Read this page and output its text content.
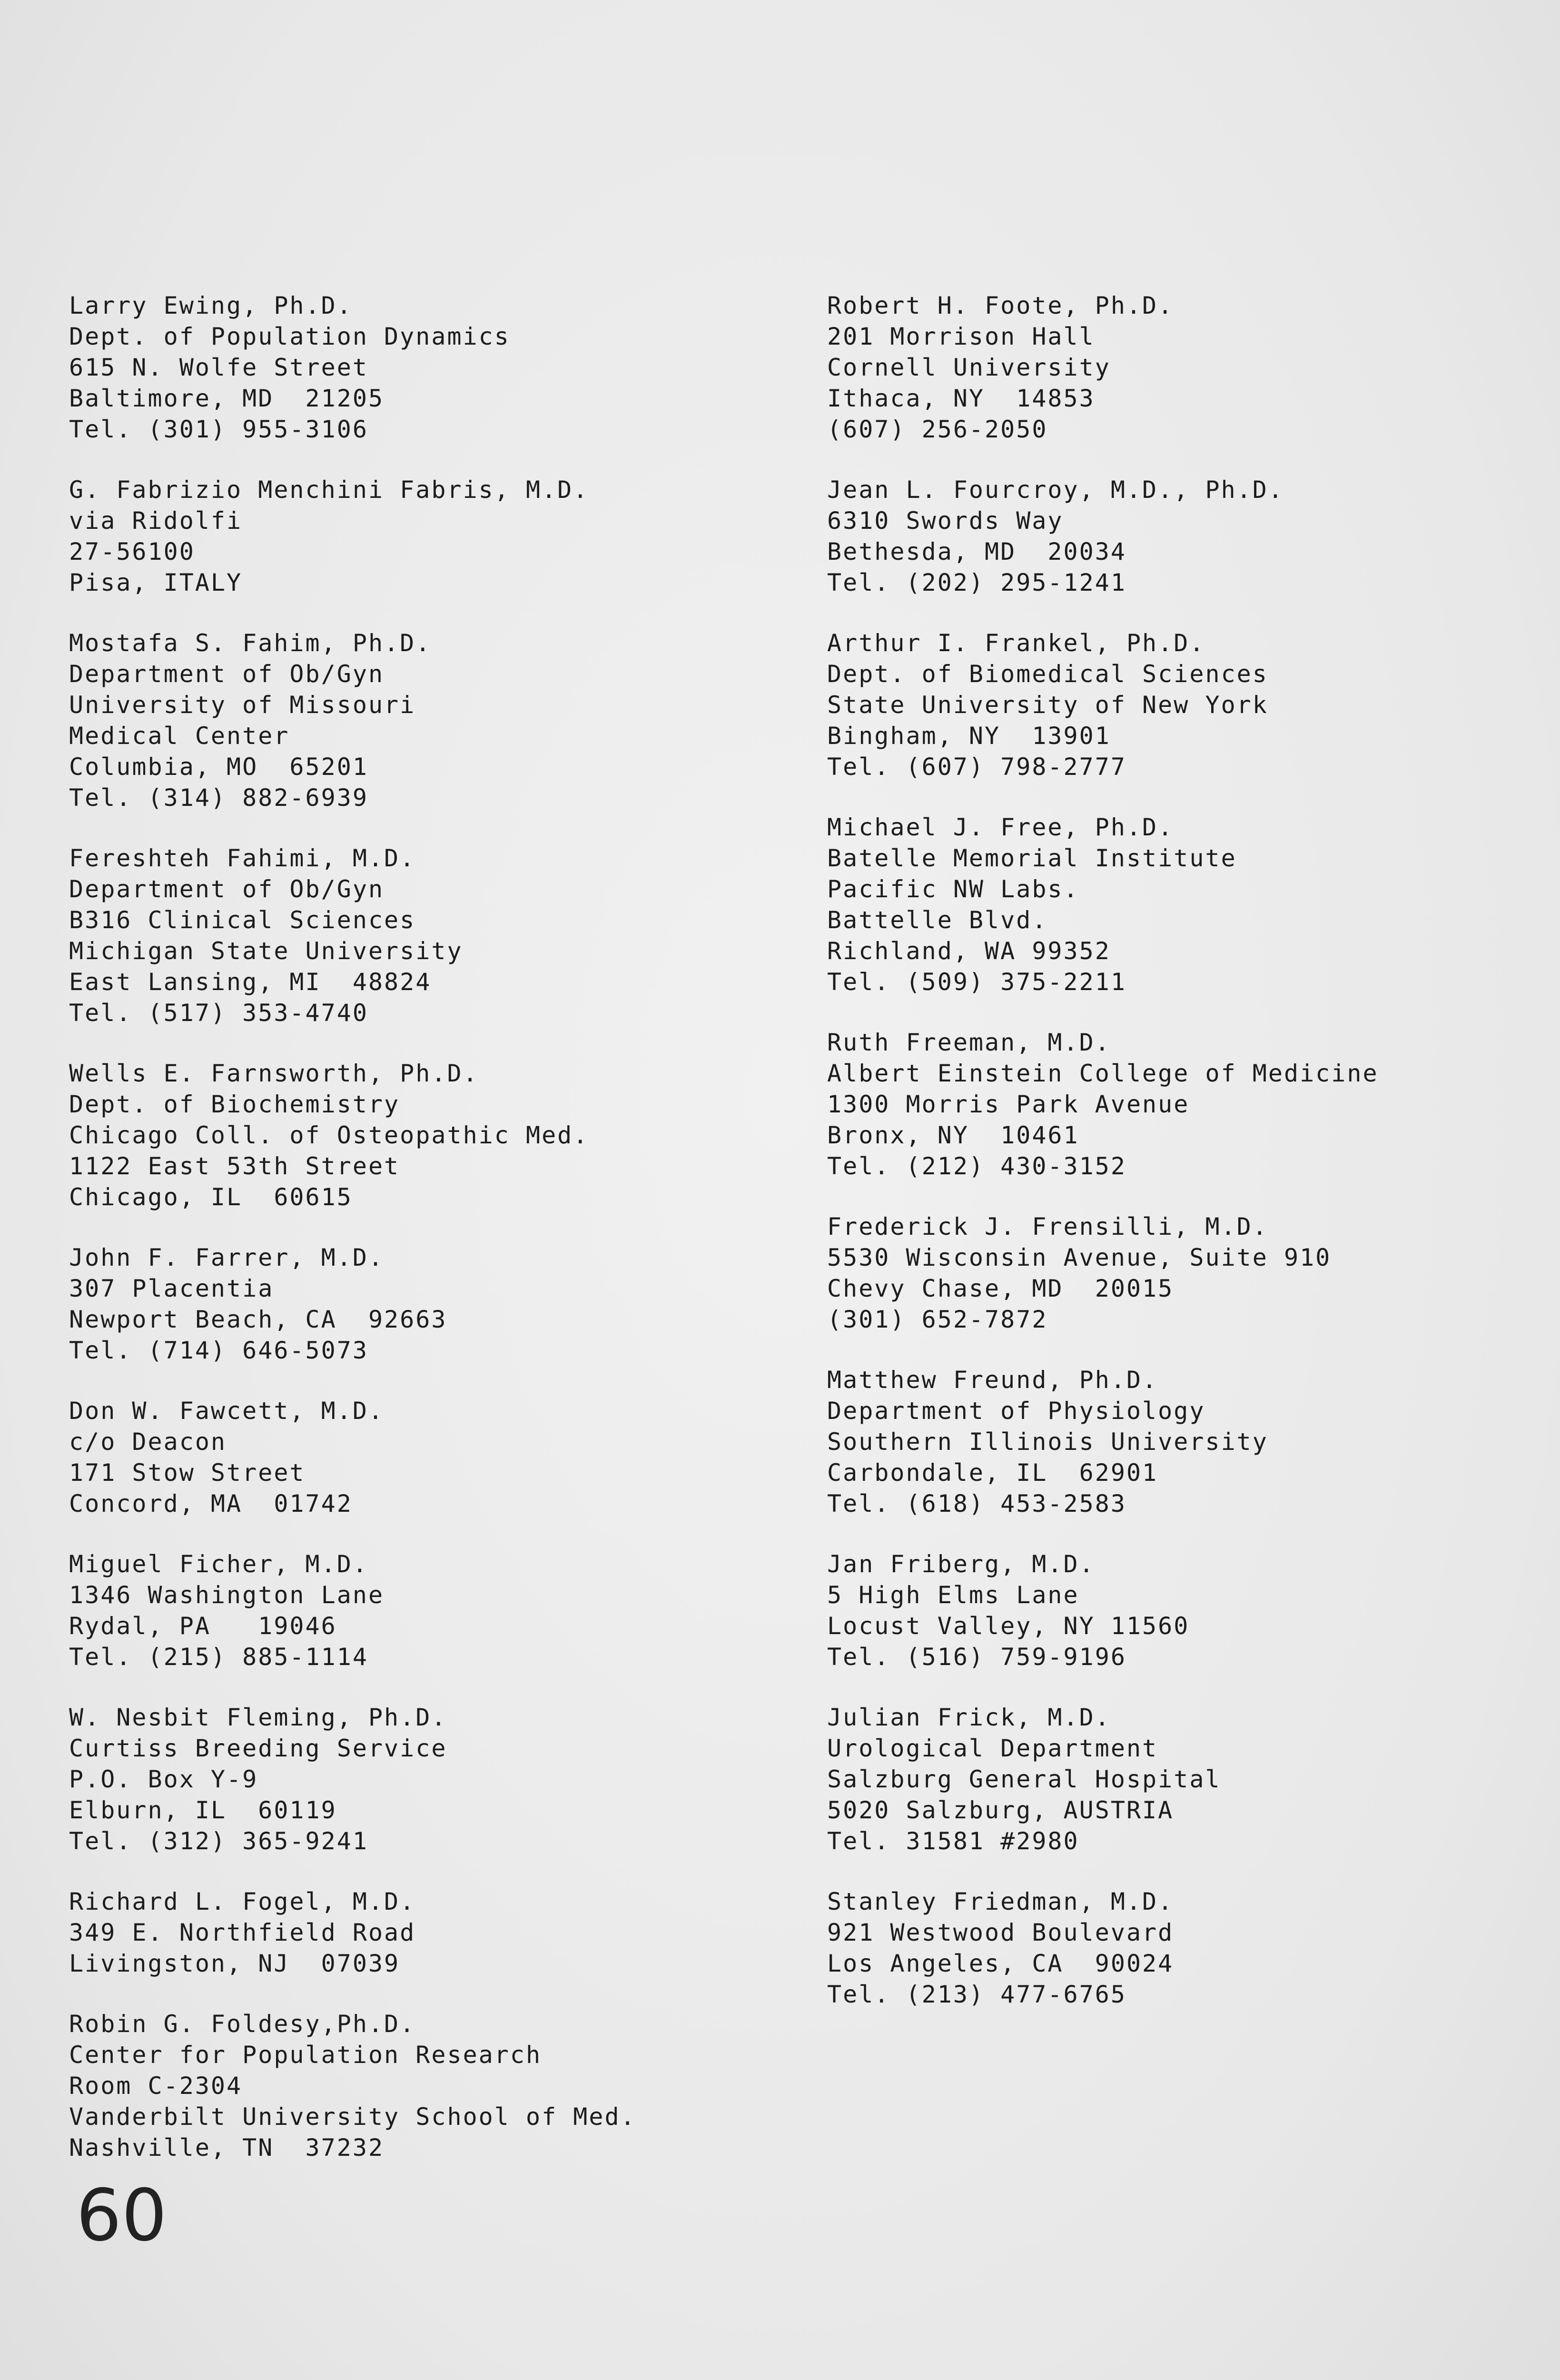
Larry Ewing, Ph.D.
Dept. of Population Dynamics
615 N. Wolfe Street
Baltimore, MD  21205
Tel. (301) 955-3106
G. Fabrizio Menchini Fabris, M.D.
via Ridolfi
27-56100
Pisa, ITALY
Mostafa S. Fahim, Ph.D.
Department of Ob/Gyn
University of Missouri
Medical Center
Columbia, MO  65201
Tel. (314) 882-6939
Fereshteh Fahimi, M.D.
Department of Ob/Gyn
B316 Clinical Sciences
Michigan State University
East Lansing, MI  48824
Tel. (517) 353-4740
Wells E. Farnsworth, Ph.D.
Dept. of Biochemistry
Chicago Coll. of Osteopathic Med.
1122 East 53th Street
Chicago, IL  60615
John F. Farrer, M.D.
307 Placentia
Newport Beach, CA  92663
Tel. (714) 646-5073
Don W. Fawcett, M.D.
c/o Deacon
171 Stow Street
Concord, MA  01742
Miguel Ficher, M.D.
1346 Washington Lane
Rydal, PA   19046
Tel. (215) 885-1114
W. Nesbit Fleming, Ph.D.
Curtiss Breeding Service
P.O. Box Y-9
Elburn, IL  60119
Tel. (312) 365-9241
Richard L. Fogel, M.D.
349 E. Northfield Road
Livingston, NJ  07039
Robin G. Foldesy,Ph.D.
Center for Population Research
Room C-2304
Vanderbilt University School of Med.
Nashville, TN  37232
Robert H. Foote, Ph.D.
201 Morrison Hall
Cornell University
Ithaca, NY  14853
(607) 256-2050
Jean L. Fourcroy, M.D., Ph.D.
6310 Swords Way
Bethesda, MD  20034
Tel. (202) 295-1241
Arthur I. Frankel, Ph.D.
Dept. of Biomedical Sciences
State University of New York
Bingham, NY  13901
Tel. (607) 798-2777
Michael J. Free, Ph.D.
Batelle Memorial Institute
Pacific NW Labs.
Battelle Blvd.
Richland, WA 99352
Tel. (509) 375-2211
Ruth Freeman, M.D.
Albert Einstein College of Medicine
1300 Morris Park Avenue
Bronx, NY  10461
Tel. (212) 430-3152
Frederick J. Frensilli, M.D.
5530 Wisconsin Avenue, Suite 910
Chevy Chase, MD  20015
(301) 652-7872
Matthew Freund, Ph.D.
Department of Physiology
Southern Illinois University
Carbondale, IL  62901
Tel. (618) 453-2583
Jan Friberg, M.D.
5 High Elms Lane
Locust Valley, NY 11560
Tel. (516) 759-9196
Julian Frick, M.D.
Urological Department
Salzburg General Hospital
5020 Salzburg, AUSTRIA
Tel. 31581 #2980
Stanley Friedman, M.D.
921 Westwood Boulevard
Los Angeles, CA  90024
Tel. (213) 477-6765
60
